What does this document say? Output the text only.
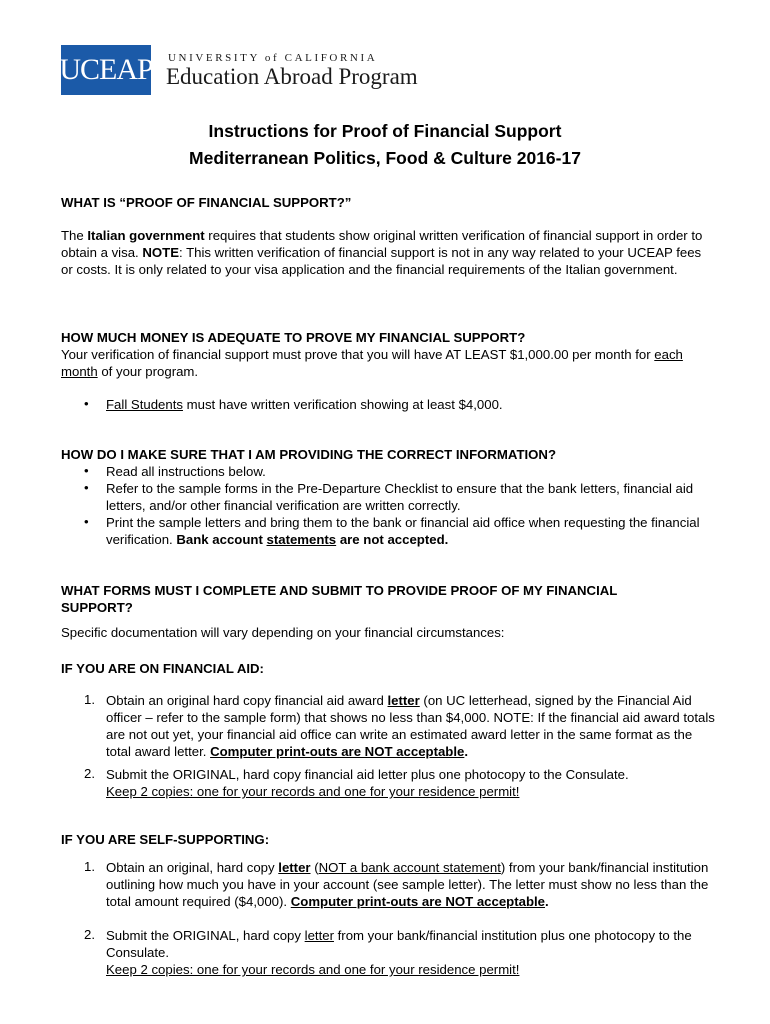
UCEAP UNIVERSITY of CALIFORNIA
Education Abroad Program
Instructions for Proof of Financial Support
Mediterranean Politics, Food & Culture 2016-17
WHAT IS “PROOF OF FINANCIAL SUPPORT?”
The Italian government requires that students show original written verification of financial support in order to obtain a visa. NOTE: This written verification of financial support is not in any way related to your UCEAP fees or costs. It is only related to your visa application and the financial requirements of the Italian government.
HOW MUCH MONEY IS ADEQUATE TO PROVE MY FINANCIAL SUPPORT?
Your verification of financial support must prove that you will have AT LEAST $1,000.00 per month for each month of your program.
• Fall Students must have written verification showing at least $4,000.
HOW DO I MAKE SURE THAT I AM PROVIDING THE CORRECT INFORMATION?
• Read all instructions below.
• Refer to the sample forms in the Pre-Departure Checklist to ensure that the bank letters, financial aid letters, and/or other financial verification are written correctly.
• Print the sample letters and bring them to the bank or financial aid office when requesting the financial verification. Bank account statements are not accepted.
WHAT FORMS MUST I COMPLETE AND SUBMIT TO PROVIDE PROOF OF MY FINANCIAL SUPPORT?
Specific documentation will vary depending on your financial circumstances:
IF YOU ARE ON FINANCIAL AID:
1. Obtain an original hard copy financial aid award letter (on UC letterhead, signed by the Financial Aid officer – refer to the sample form) that shows no less than $4,000. NOTE: If the financial aid award totals are not out yet, your financial aid office can write an estimated award letter in the same format as the total award letter. Computer print-outs are NOT acceptable.
2. Submit the ORIGINAL, hard copy financial aid letter plus one photocopy to the Consulate.
Keep 2 copies: one for your records and one for your residence permit!
IF YOU ARE SELF-SUPPORTING:
1. Obtain an original, hard copy letter (NOT a bank account statement) from your bank/financial institution outlining how much you have in your account (see sample letter). The letter must show no less than the total amount required ($4,000). Computer print-outs are NOT acceptable.
2. Submit the ORIGINAL, hard copy letter from your bank/financial institution plus one photocopy to the Consulate.
Keep 2 copies: one for your records and one for your residence permit!
